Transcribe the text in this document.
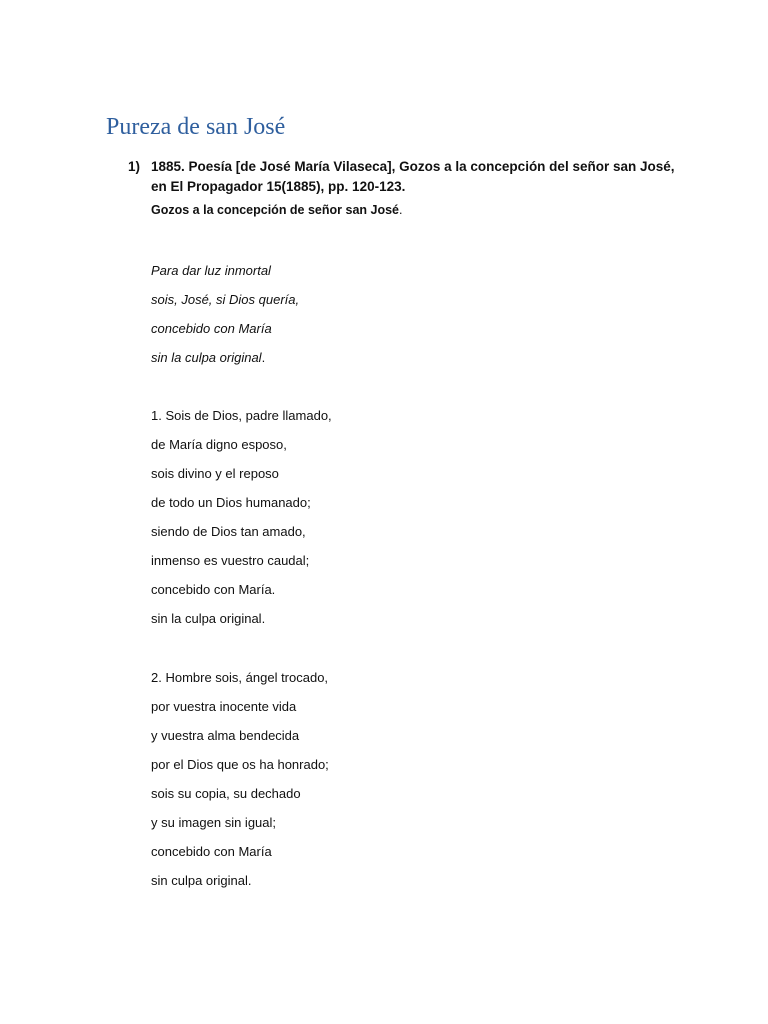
Pureza de san José
1) 1885. Poesía [de José María Vilaseca], Gozos a la concepción del señor san José,
en El Propagador 15(1885), pp. 120-123.
Gozos a la concepción de señor san José.
Para dar luz inmortal
sois, José, si Dios quería,
concebido con María
sin la culpa original.
1. Sois de Dios, padre llamado,
de María digno esposo,
sois divino y el reposo
de todo un Dios humanado;
siendo de Dios tan amado,
inmenso es vuestro caudal;
concebido con María.
sin la culpa original.
2. Hombre sois, ángel trocado,
por vuestra inocente vida
y vuestra alma bendecida
por el Dios que os ha honrado;
sois su copia, su dechado
y su imagen sin igual;
concebido con María
sin culpa original.
